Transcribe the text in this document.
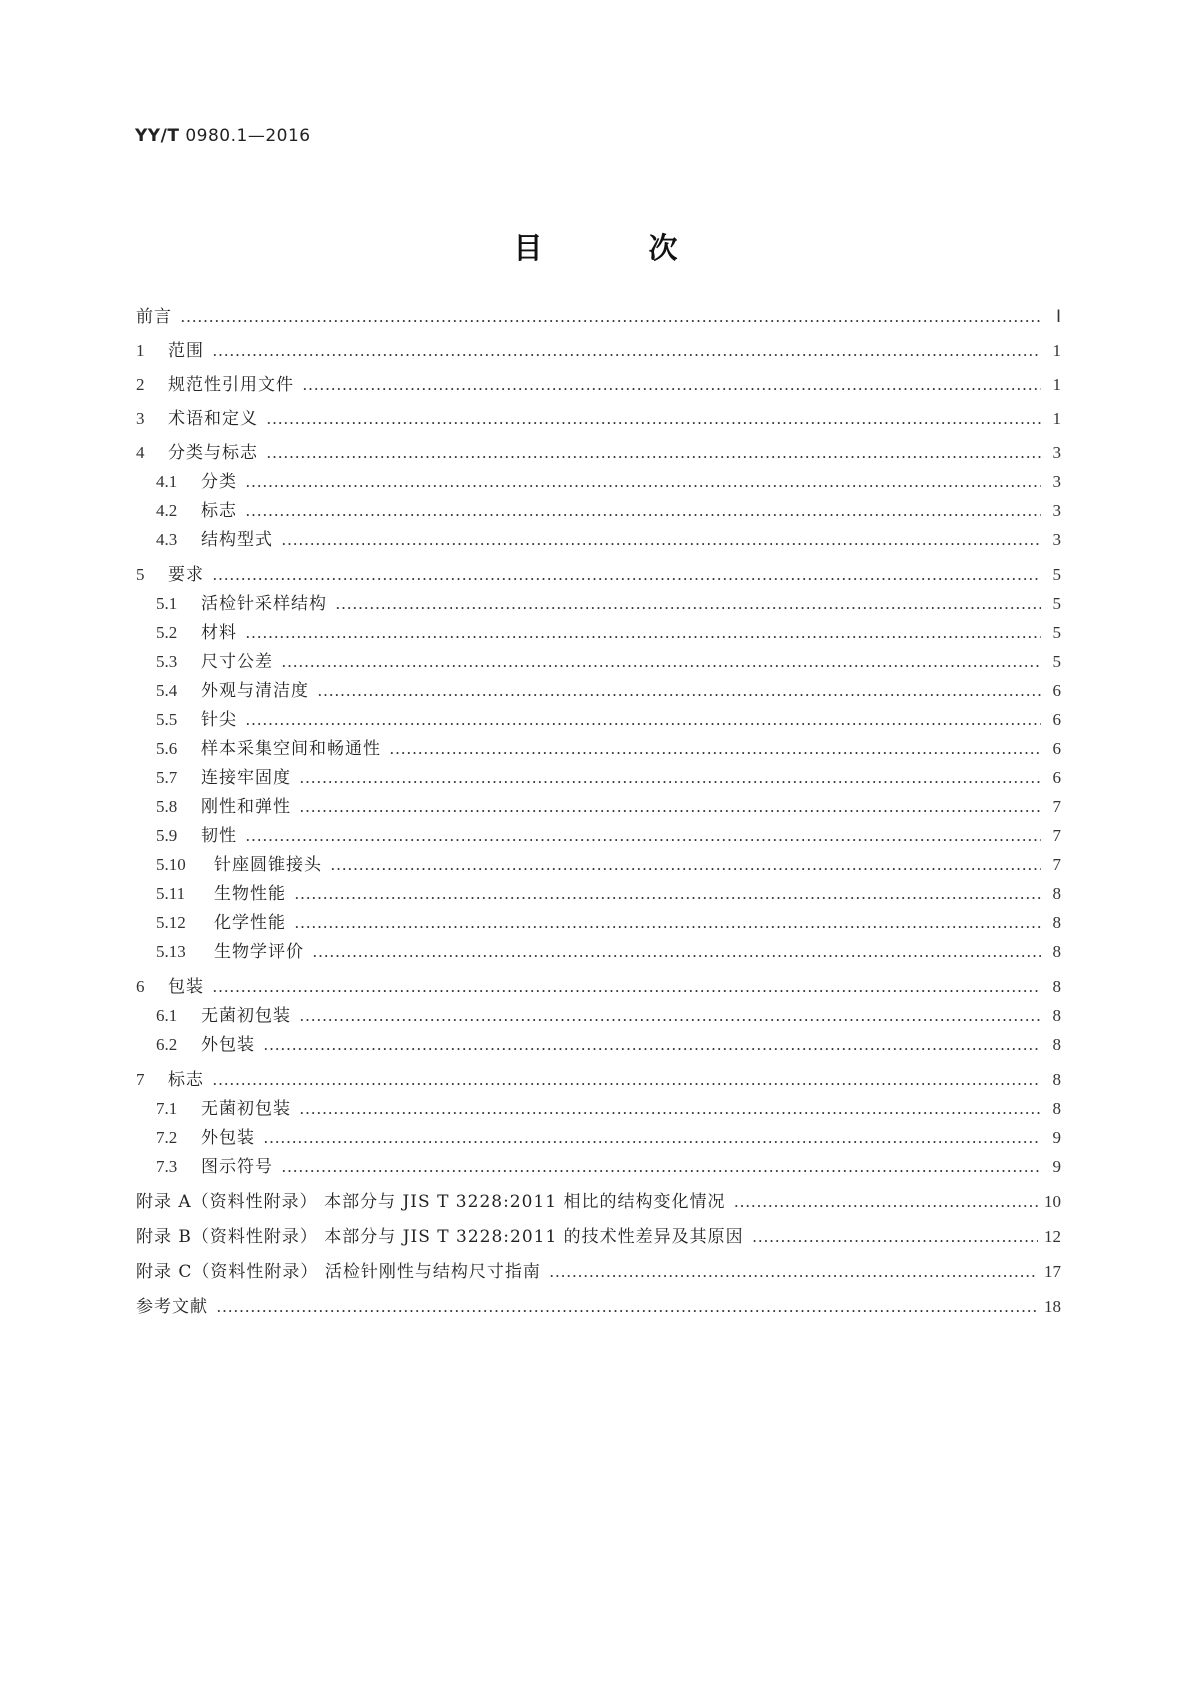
YY/T 0980.1—2016
目 次
前言 …………………………………………………………………………………………………………………………………………………………………………………………………………………………………………………………	Ⅰ
1	范围 …………………………………………………………………………………………………………………………………………………………………………………………………………………………………………………………	1
2	规范性引用文件 …………………………………………………………………………………………………………………………………………………………………………………………………………………………………………………………	1
3	术语和定义 …………………………………………………………………………………………………………………………………………………………………………………………………………………………………………………………	1
4	分类与标志 …………………………………………………………………………………………………………………………………………………………………………………………………………………………………………………………	3
4.1	分类 …………………………………………………………………………………………………………………………………………………………………………………………………………………………………………………………	3
4.2	标志 …………………………………………………………………………………………………………………………………………………………………………………………………………………………………………………………	3
4.3	结构型式 …………………………………………………………………………………………………………………………………………………………………………………………………………………………………………………………	3
5	要求 …………………………………………………………………………………………………………………………………………………………………………………………………………………………………………………………	5
5.1	活检针采样结构 …………………………………………………………………………………………………………………………………………………………………………………………………………………………………………………………	5
5.2	材料 …………………………………………………………………………………………………………………………………………………………………………………………………………………………………………………………	5
5.3	尺寸公差 …………………………………………………………………………………………………………………………………………………………………………………………………………………………………………………………	5
5.4	外观与清洁度 …………………………………………………………………………………………………………………………………………………………………………………………………………………………………………………………	6
5.5	针尖 …………………………………………………………………………………………………………………………………………………………………………………………………………………………………………………………	6
5.6	样本采集空间和畅通性 …………………………………………………………………………………………………………………………………………………………………………………………………………………………………………………………	6
5.7	连接牢固度 …………………………………………………………………………………………………………………………………………………………………………………………………………………………………………………………	6
5.8	刚性和弹性 …………………………………………………………………………………………………………………………………………………………………………………………………………………………………………………………	7
5.9	韧性 …………………………………………………………………………………………………………………………………………………………………………………………………………………………………………………………	7
5.10	针座圆锥接头 …………………………………………………………………………………………………………………………………………………………………………………………………………………………………………………………	7
5.11	生物性能 …………………………………………………………………………………………………………………………………………………………………………………………………………………………………………………………	8
5.12	化学性能 …………………………………………………………………………………………………………………………………………………………………………………………………………………………………………………………	8
5.13	生物学评价 …………………………………………………………………………………………………………………………………………………………………………………………………………………………………………………………	8
6	包装 …………………………………………………………………………………………………………………………………………………………………………………………………………………………………………………………	8
6.1	无菌初包装 …………………………………………………………………………………………………………………………………………………………………………………………………………………………………………………………	8
6.2	外包装 …………………………………………………………………………………………………………………………………………………………………………………………………………………………………………………………	8
7	标志 …………………………………………………………………………………………………………………………………………………………………………………………………………………………………………………………	8
7.1	无菌初包装 …………………………………………………………………………………………………………………………………………………………………………………………………………………………………………………………	8
7.2	外包装 …………………………………………………………………………………………………………………………………………………………………………………………………………………………………………………………	9
7.3	图示符号 …………………………………………………………………………………………………………………………………………………………………………………………………………………………………………………………	9
附录 A（资料性附录） 本部分与 JIS T 3228:2011 相比的结构变化情况 …………………………………………………………………………………………………………………………………………………………………………………………………………………………………………………………	10
附录 B（资料性附录） 本部分与 JIS T 3228:2011 的技术性差异及其原因 …………………………………………………………………………………………………………………………………………………………………………………………………………………………………………………………	12
附录 C（资料性附录） 活检针刚性与结构尺寸指南 …………………………………………………………………………………………………………………………………………………………………………………………………………………………………………………………	17
参考文献 …………………………………………………………………………………………………………………………………………………………………………………………………………………………………………………………	18
